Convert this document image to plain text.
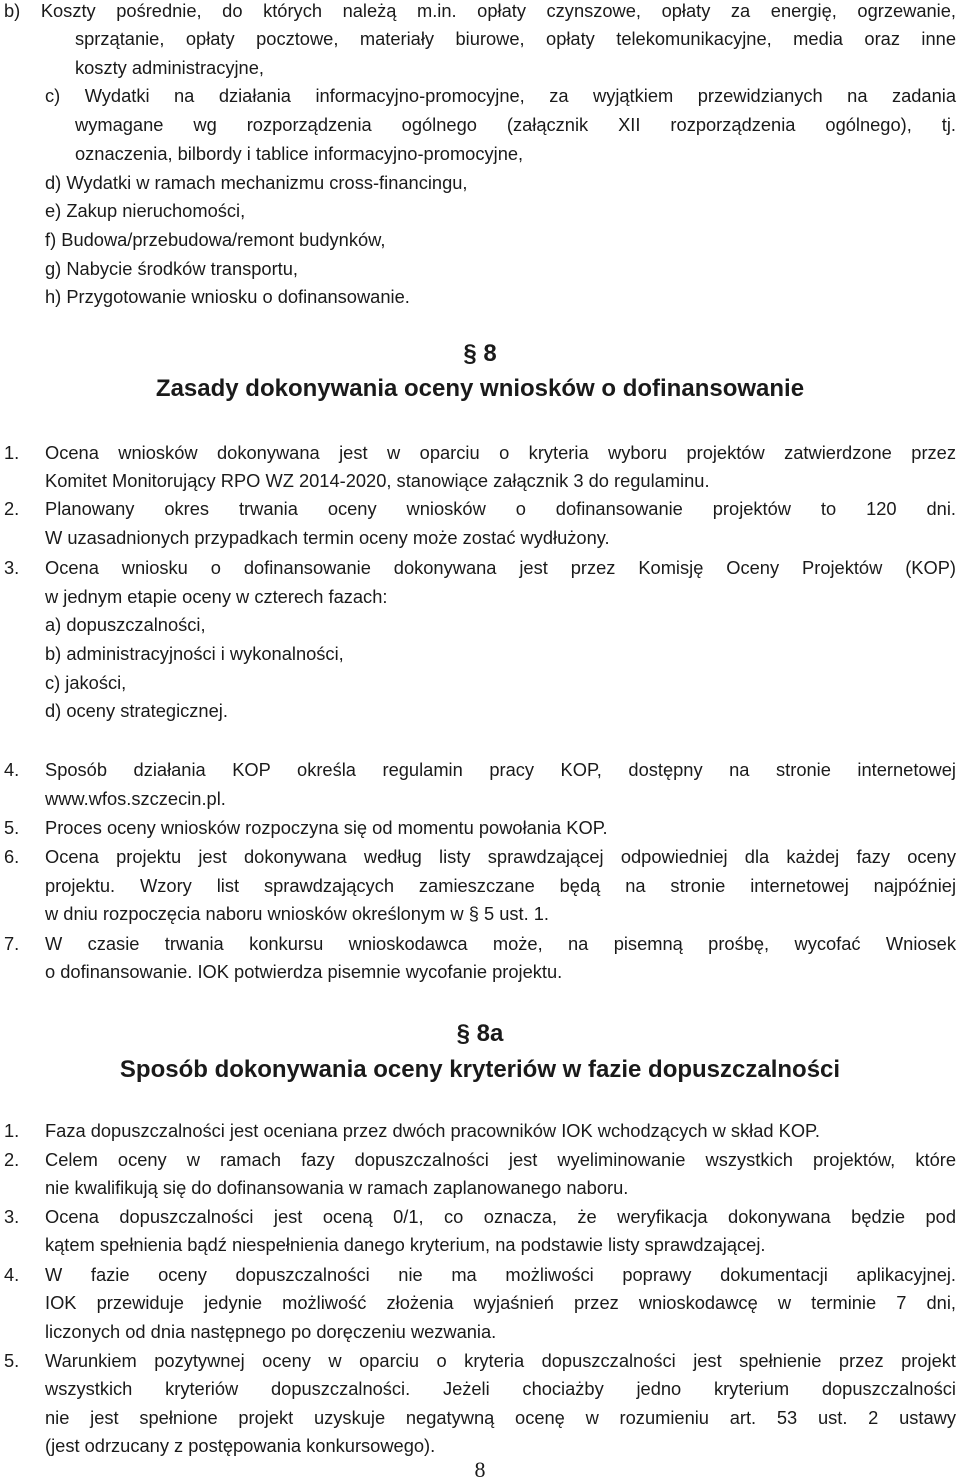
b) Koszty pośrednie, do których należą m.in. opłaty czynszowe, opłaty za energię, ogrzewanie,
sprzątanie, opłaty pocztowe, materiały biurowe, opłaty telekomunikacyjne, media oraz inne
koszty administracyjne,
c) Wydatki na działania informacyjno-promocyjne, za wyjątkiem przewidzianych na zadania
wymagane wg rozporządzenia ogólnego (załącznik XII rozporządzenia ogólnego), tj.
oznaczenia, bilbordy i tablice informacyjno-promocyjne,
d) Wydatki w ramach mechanizmu cross-financingu,
e) Zakup nieruchomości,
f) Budowa/przebudowa/remont budynków,
g) Nabycie środków transportu,
h) Przygotowanie wniosku o dofinansowanie.
§ 8
Zasady dokonywania oceny wniosków o dofinansowanie
1. Ocena wniosków dokonywana jest w oparciu o kryteria wyboru projektów zatwierdzone przez
Komitet Monitorujący RPO WZ 2014-2020, stanowiące załącznik 3 do regulaminu.
2. Planowany okres trwania oceny wniosków o dofinansowanie projektów to 120 dni.
W uzasadnionych przypadkach termin oceny może zostać wydłużony.
3. Ocena wniosku o dofinansowanie dokonywana jest przez Komisję Oceny Projektów (KOP)
w jednym etapie oceny w czterech fazach:
a) dopuszczalności,
b) administracyjności i wykonalności,
c) jakości,
d) oceny strategicznej.
4. Sposób działania KOP określa regulamin pracy KOP, dostępny na stronie internetowej
www.wfos.szczecin.pl.
5. Proces oceny wniosków rozpoczyna się od momentu powołania KOP.
6. Ocena projektu jest dokonywana według listy sprawdzającej odpowiedniej dla każdej fazy oceny
projektu. Wzory list sprawdzających zamieszczane będą na stronie internetowej najpóźniej
w dniu rozpoczęcia naboru wniosków określonym w § 5 ust. 1.
7. W czasie trwania konkursu wnioskodawca może, na pisemną prośbę, wycofać Wniosek
o dofinansowanie. IOK potwierdza pisemnie wycofanie projektu.
§ 8a
Sposób dokonywania oceny kryteriów w fazie dopuszczalności
1. Faza dopuszczalności jest oceniana przez dwóch pracowników IOK wchodzących w skład KOP.
2. Celem oceny w ramach fazy dopuszczalności jest wyeliminowanie wszystkich projektów, które
nie kwalifikują się do dofinansowania w ramach zaplanowanego naboru.
3. Ocena dopuszczalności jest oceną 0/1, co oznacza, że weryfikacja dokonywana będzie pod
kątem spełnienia bądź niespełnienia danego kryterium, na podstawie listy sprawdzającej.
4. W fazie oceny dopuszczalności nie ma możliwości poprawy dokumentacji aplikacyjnej.
IOK przewiduje jedynie możliwość złożenia wyjaśnień przez wnioskodawcę w terminie 7 dni,
liczonych od dnia następnego po doręczeniu wezwania.
5. Warunkiem pozytywnej oceny w oparciu o kryteria dopuszczalności jest spełnienie przez projekt
wszystkich kryteriów dopuszczalności. Jeżeli chociażby jedno kryterium dopuszczalności
nie jest spełnione projekt uzyskuje negatywną ocenę w rozumieniu art. 53 ust. 2 ustawy
(jest odrzucany z postępowania konkursowego).
8
